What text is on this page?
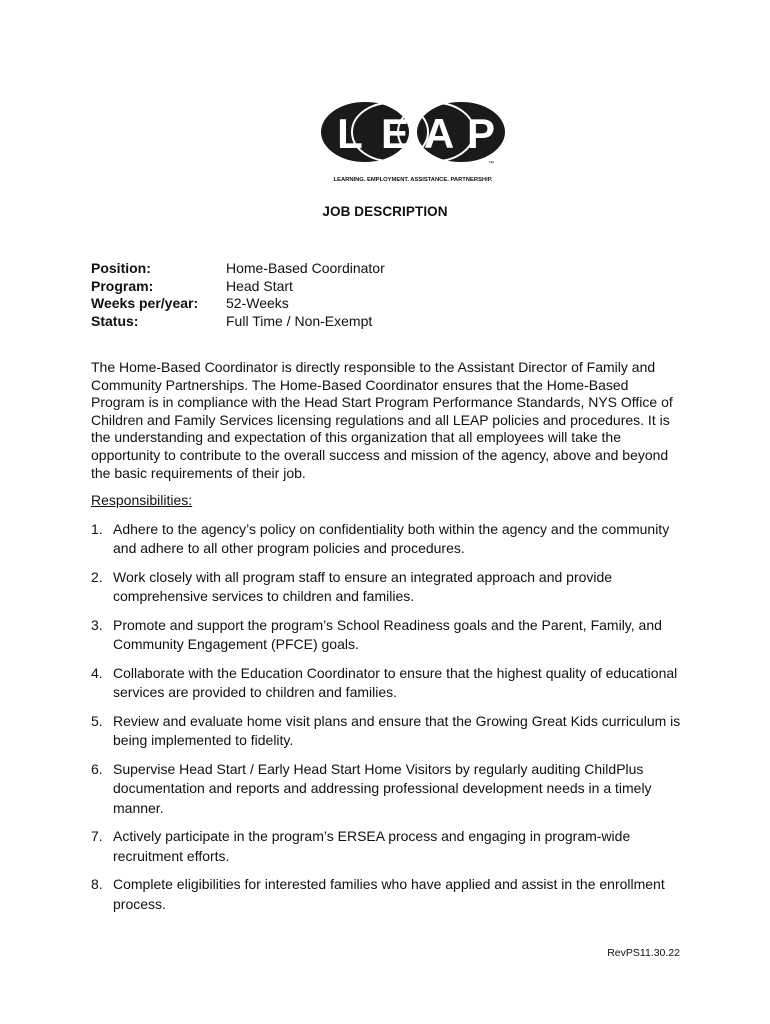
L E A P
™
LEARNING. EMPLOYMENT. ASSISTANCE. PARTNERSHIP.
JOB DESCRIPTION
Position:	Home-Based Coordinator
Program:	Head Start
Weeks per/year:	52-Weeks
Status:	Full Time / Non-Exempt
The Home-Based Coordinator is directly responsible to the Assistant Director of Family and Community Partnerships. The Home-Based Coordinator ensures that the Home-Based Program is in compliance with the Head Start Program Performance Standards, NYS Office of Children and Family Services licensing regulations and all LEAP policies and procedures. It is the understanding and expectation of this organization that all employees will take the opportunity to contribute to the overall success and mission of the agency, above and beyond the basic requirements of their job.
Responsibilities:
1. Adhere to the agency’s policy on confidentiality both within the agency and the community and adhere to all other program policies and procedures.
2. Work closely with all program staff to ensure an integrated approach and provide comprehensive services to children and families.
3. Promote and support the program’s School Readiness goals and the Parent, Family, and Community Engagement (PFCE) goals.
4. Collaborate with the Education Coordinator to ensure that the highest quality of educational services are provided to children and families.
5. Review and evaluate home visit plans and ensure that the Growing Great Kids curriculum is being implemented to fidelity.
6. Supervise Head Start / Early Head Start Home Visitors by regularly auditing ChildPlus documentation and reports and addressing professional development needs in a timely manner.
7. Actively participate in the program’s ERSEA process and engaging in program-wide recruitment efforts.
8. Complete eligibilities for interested families who have applied and assist in the enrollment process.
RevPS11.30.22
